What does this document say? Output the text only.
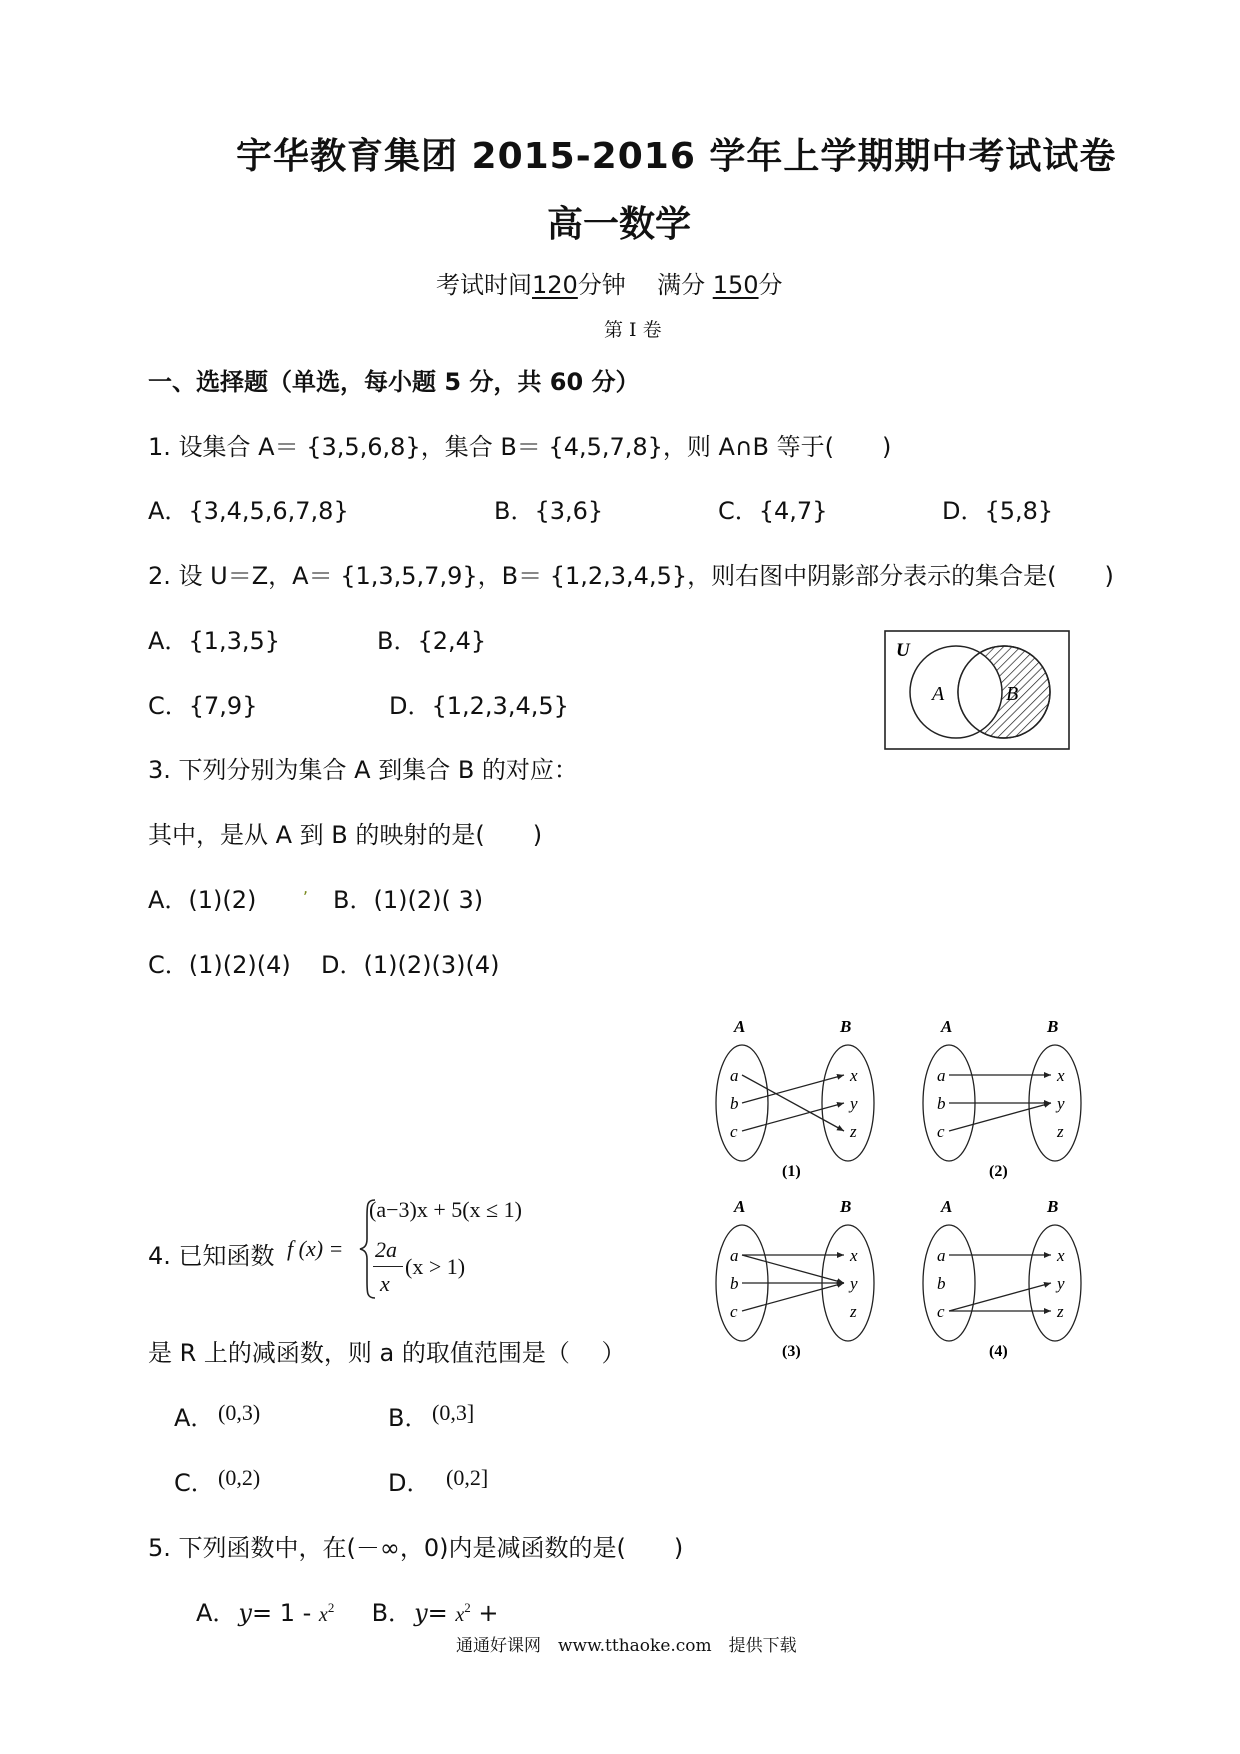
宇华教育集团 2015-2016 学年上学期期中考试试卷
高一数学
考试时间120分钟 满分 150分
第 I 卷
一、选择题（单选，每小题 5 分，共 60 分）
1. 设集合 A＝ {3,5,6,8}，集合 B＝ {4,5,7,8}，则 A∩B 等于(　　)
A．{3,4,5,6,7,8}	B．{3,6}	C．{4,7}	D．{5,8}
2. 设 U＝Z，A＝ {1,3,5,7,9}，B＝ {1,2,3,4,5}，则右图中阴影部分表示的集合是(　　)
A．{1,3,5}	B．{2,4}
C．{7,9}	D．{1,2,3,4,5}
U
A	B
3. 下列分别为集合 A 到集合 B 的对应：
其中，是从 A 到 B 的映射的是(　　)
A．(1)(2)	, B．(1)(2)( 3)
C．(1)(2)(4) D．(1)(2)(3)(4)
A	B
a
b
c
x
y
z
(1)
A	B
a
b
c
x
y
z
(2)
A	B
a
b
c
x
y
z
(3)
A	B
a
b
c
x
y
z
(4)
4. 已知函数 f (x) =
(a−3)x + 5(x ≤ 1)
2a
x
(x > 1)
是 R 上的减函数，则 a 的取值范围是（　 ）
A． (0,3)	B． (0,3]
C． (0,2)	D． (0,2]
5. 下列函数中，在(－∞，0)内是减函数的是(　　)
A．$y= 1 - x^2$ B．$y= x^2$ +
通通好课网　www.tthaoke.com　提供下载
